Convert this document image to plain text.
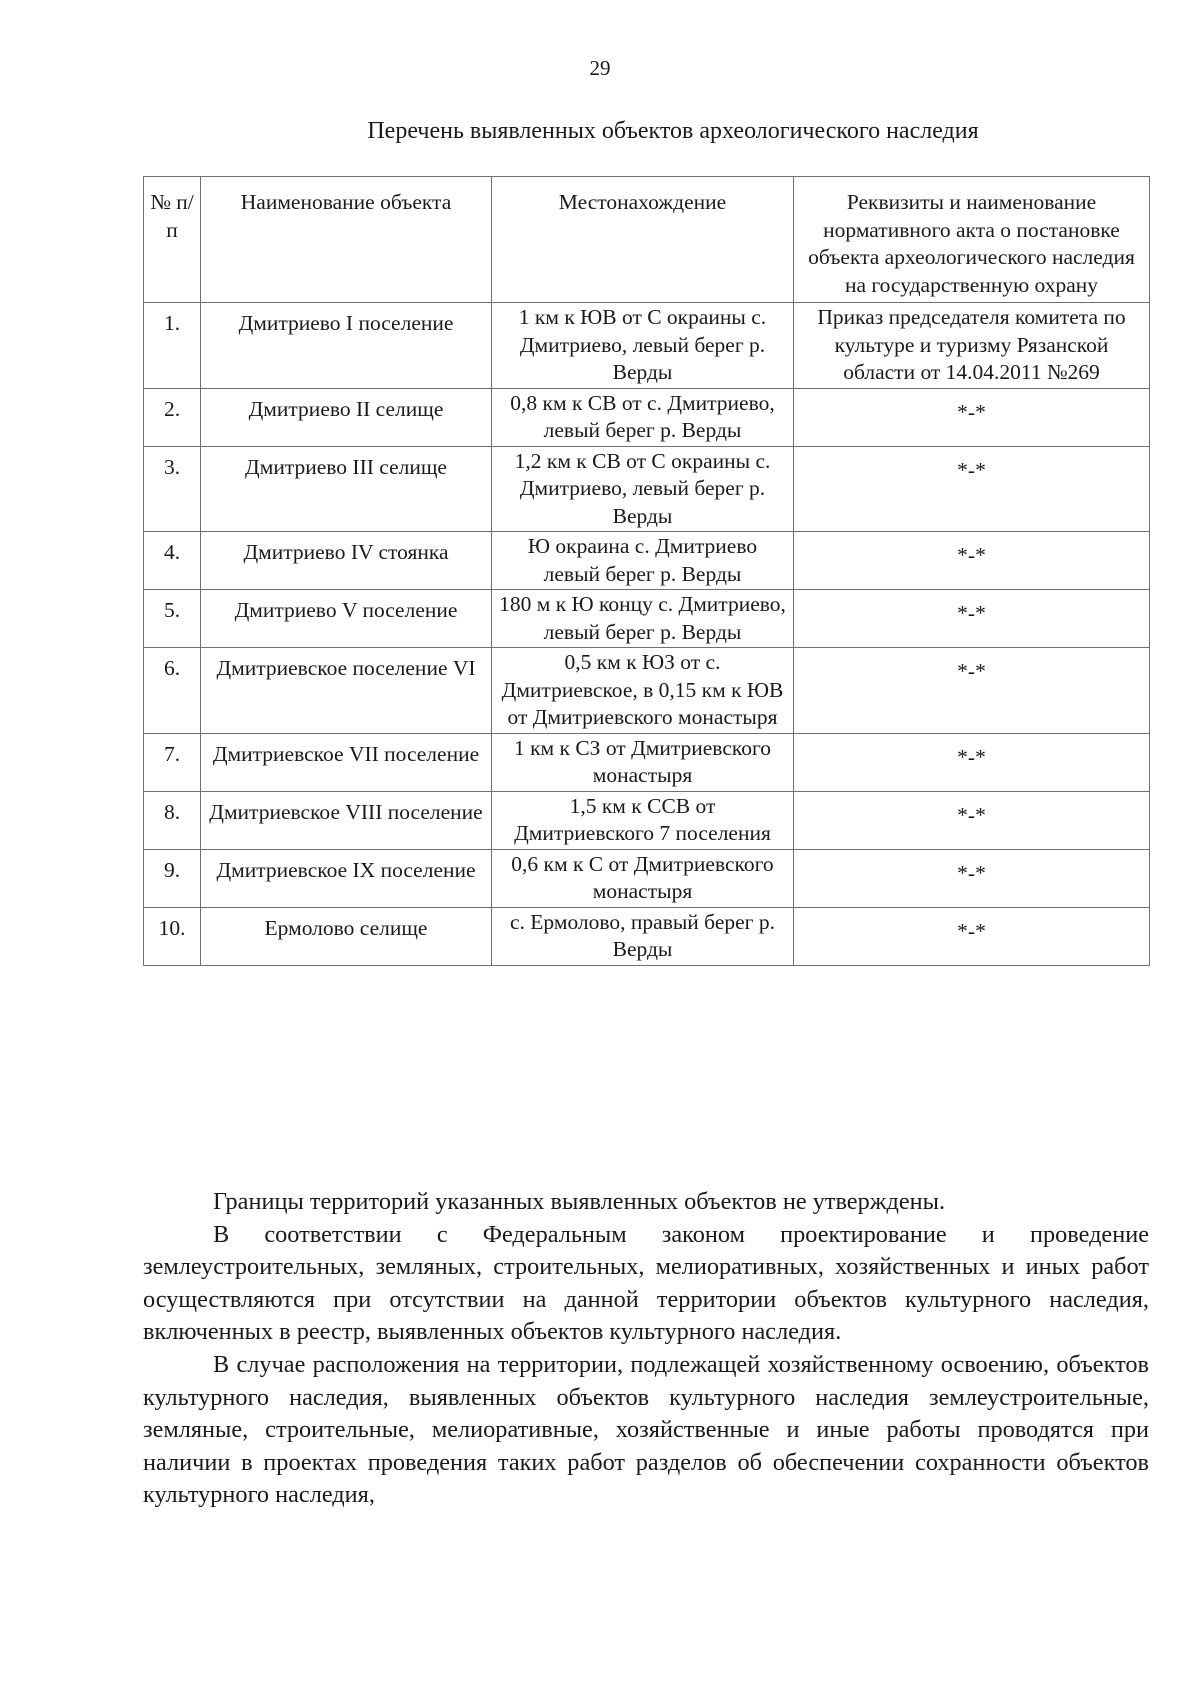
29
Перечень выявленных объектов археологического наследия
№ п/п	Наименование объекта	Местонахождение	Реквизиты и наименование нормативного акта о постановке объекта археологического наследия на государственную охрану
1.	Дмитриево I поселение	1 км к ЮВ от С окраины с. Дмитриево, левый берег р. Верды	Приказ председателя комитета по культуре и туризму Рязанской области от 14.04.2011 №269
2.	Дмитриево II селище	0,8 км к СВ от с. Дмитриево, левый берег р. Верды	*-*
3.	Дмитриево III селище	1,2 км к СВ от С окраины с. Дмитриево, левый берег р. Верды	*-*
4.	Дмитриево IV стоянка	Ю окраина с. Дмитриево левый берег р. Верды	*-*
5.	Дмитриево V поселение	180 м к Ю концу с. Дмитриево, левый берег р. Верды	*-*
6.	Дмитриевское поселение VI	0,5 км к ЮЗ от с. Дмитриевское, в 0,15 км к ЮВ от Дмитриевского монастыря	*-*
7.	Дмитриевское VII поселение	1 км к СЗ от Дмитриевского монастыря	*-*
8.	Дмитриевское VIII поселение	1,5 км к ССВ от Дмитриевского 7 поселения	*-*
9.	Дмитриевское IX поселение	0,6 км к С от Дмитриевского монастыря	*-*
10.	Ермолово селище	с. Ермолово, правый берег р. Верды	*-*

Границы территорий указанных выявленных объектов не утверждены.

В соответствии с Федеральным законом проектирование и проведение землеустроительных, земляных, строительных, мелиоративных, хозяйственных и иных работ осуществляются при отсутствии на данной территории объектов культурного наследия, включенных в реестр, выявленных объектов культурного наследия.

В случае расположения на территории, подлежащей хозяйственному освоению, объектов культурного наследия, выявленных объектов культурного наследия землеустроительные, земляные, строительные, мелиоративные, хозяйственные и иные работы проводятся при наличии в проектах проведения таких работ разделов об обеспечении сохранности объектов культурного наследия,
